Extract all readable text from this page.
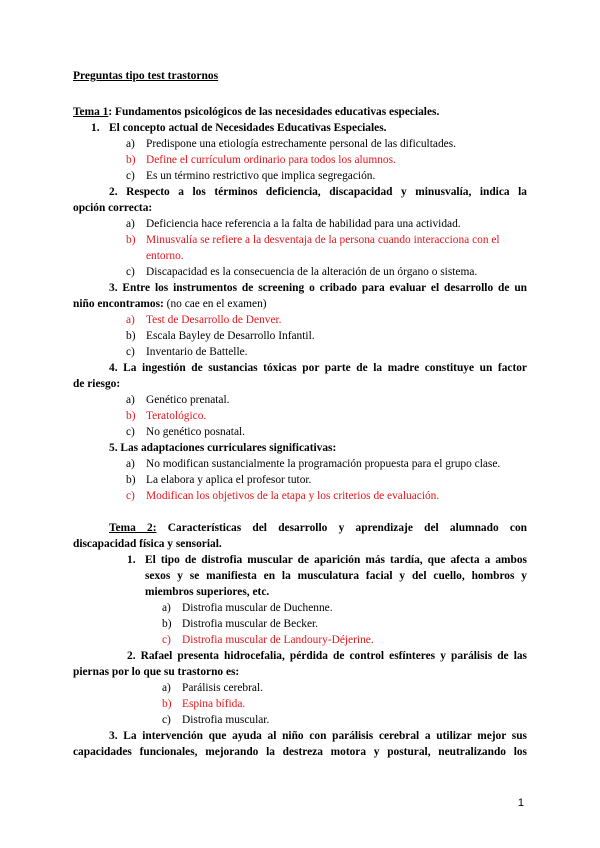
Preguntas tipo test trastornos
Tema 1: Fundamentos psicológicos de las necesidades educativas especiales.
1. El concepto actual de Necesidades Educativas Especiales.
a) Predispone una etiología estrechamente personal de las dificultades.
b) Define el currículum ordinario para todos los alumnos.
c) Es un término restrictivo que implica segregación.
2. Respecto a los términos deficiencia, discapacidad y minusvalía, indica la
opción correcta:
a) Deficiencia hace referencia a la falta de habilidad para una actividad.
b) Minusvalía se refiere a la desventaja de la persona cuando interacciona con el
entorno.
c) Discapacidad es la consecuencia de la alteración de un órgano o sistema.
3. Entre los instrumentos de screening o cribado para evaluar el desarrollo de un
niño encontramos: (no cae en el examen)
a) Test de Desarrollo de Denver.
b) Escala Bayley de Desarrollo Infantil.
c) Inventario de Battelle.
4. La ingestión de sustancias tóxicas por parte de la madre constituye un factor
de riesgo:
a) Genético prenatal.
b) Teratológico.
c) No genético posnatal.
5. Las adaptaciones curriculares significativas:
a) No modifican sustancialmente la programación propuesta para el grupo clase.
b) La elabora y aplica el profesor tutor.
c) Modifican los objetivos de la etapa y los criterios de evaluación.
Tema 2: Características del desarrollo y aprendizaje del alumnado con
discapacidad física y sensorial.
1. El tipo de distrofia muscular de aparición más tardía, que afecta a ambos
sexos y se manifiesta en la musculatura facial y del cuello, hombros y
miembros superiores, etc.
a) Distrofia muscular de Duchenne.
b) Distrofia muscular de Becker.
c) Distrofia muscular de Landoury-Déjerine.
2. Rafael presenta hidrocefalia, pérdida de control esfínteres y parálisis de las
piernas por lo que su trastorno es:
a) Parálisis cerebral.
b) Espina bífida.
c) Distrofia muscular.
3. La intervención que ayuda al niño con parálisis cerebral a utilizar mejor sus
capacidades funcionales, mejorando la destreza motora y postural, neutralizando los
1
